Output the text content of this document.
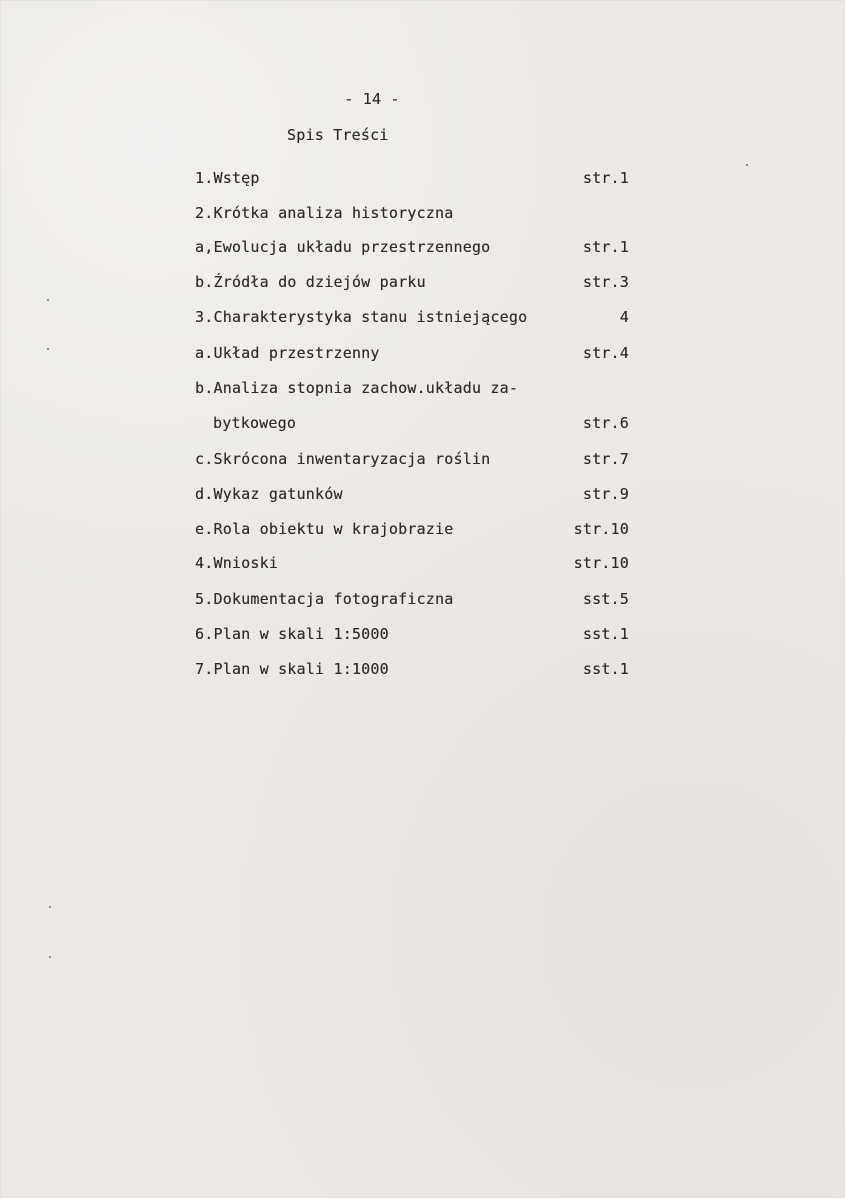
- 14 -
Spis Treści
1.Wstęp	str.1
2.Krótka analiza historyczna
a,Ewolucja układu przestrzennego	str.1
b.Źródła do dziejów parku	str.3
3.Charakterystyka stanu istniejącego	4
a.Układ przestrzenny	str.4
b.Analiza stopnia zachow.układu za-
bytkowego	str.6
c.Skrócona inwentaryzacja roślin	str.7
d.Wykaz gatunków	str.9
e.Rola obiektu w krajobrazie	str.10
4.Wnioski	str.10
5.Dokumentacja fotograficzna	sst.5
6.Plan w skali 1:5000	sst.1
7.Plan w skali 1:1000	sst.1
